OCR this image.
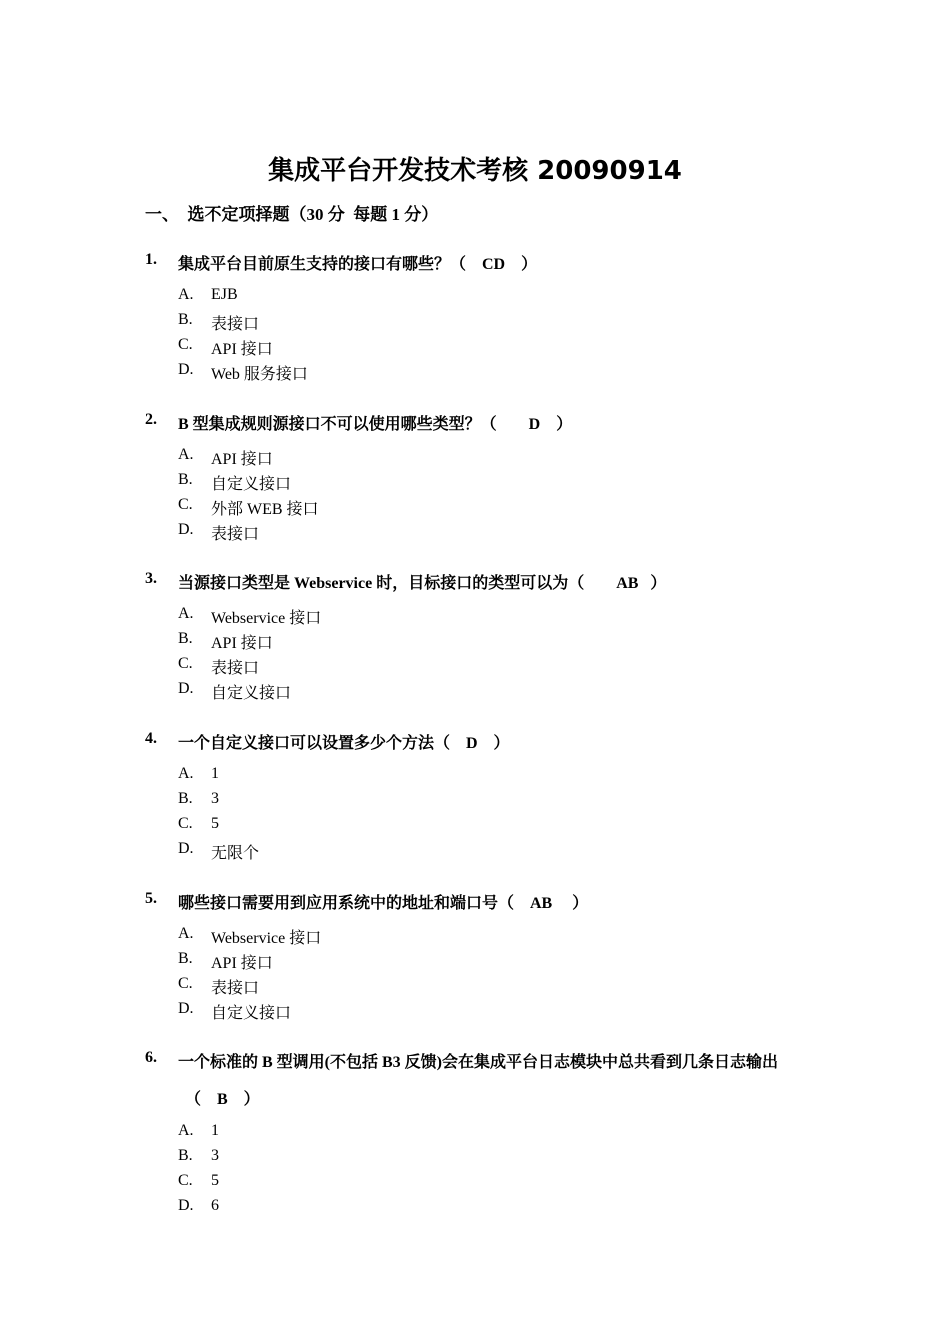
集成平台开发技术考核 20090914
一、  选不定项择题（30 分  每题 1 分）
1. 集成平台目前原生支持的接口有哪些？（    CD    ）
A. EJB
B. 表接口
C. API 接口
D. Web 服务接口
2. B 型集成规则源接口不可以使用哪些类型？（        D    ）
A. API 接口
B. 自定义接口
C. 外部 WEB 接口
D. 表接口
3. 当源接口类型是 Webservice 时，目标接口的类型可以为（        AB   ）
A. Webservice 接口
B. API 接口
C. 表接口
D. 自定义接口
4. 一个自定义接口可以设置多少个方法（    D    ）
A. 1
B. 3
C. 5
D. 无限个
5. 哪些接口需要用到应用系统中的地址和端口号（    AB     ）
A. Webservice 接口
B. API 接口
C. 表接口
D. 自定义接口
6. 一个标准的 B 型调用(不包括 B3 反馈)会在集成平台日志模块中总共看到几条日志输出
（    B    ）
A. 1
B. 3
C. 5
D. 6
